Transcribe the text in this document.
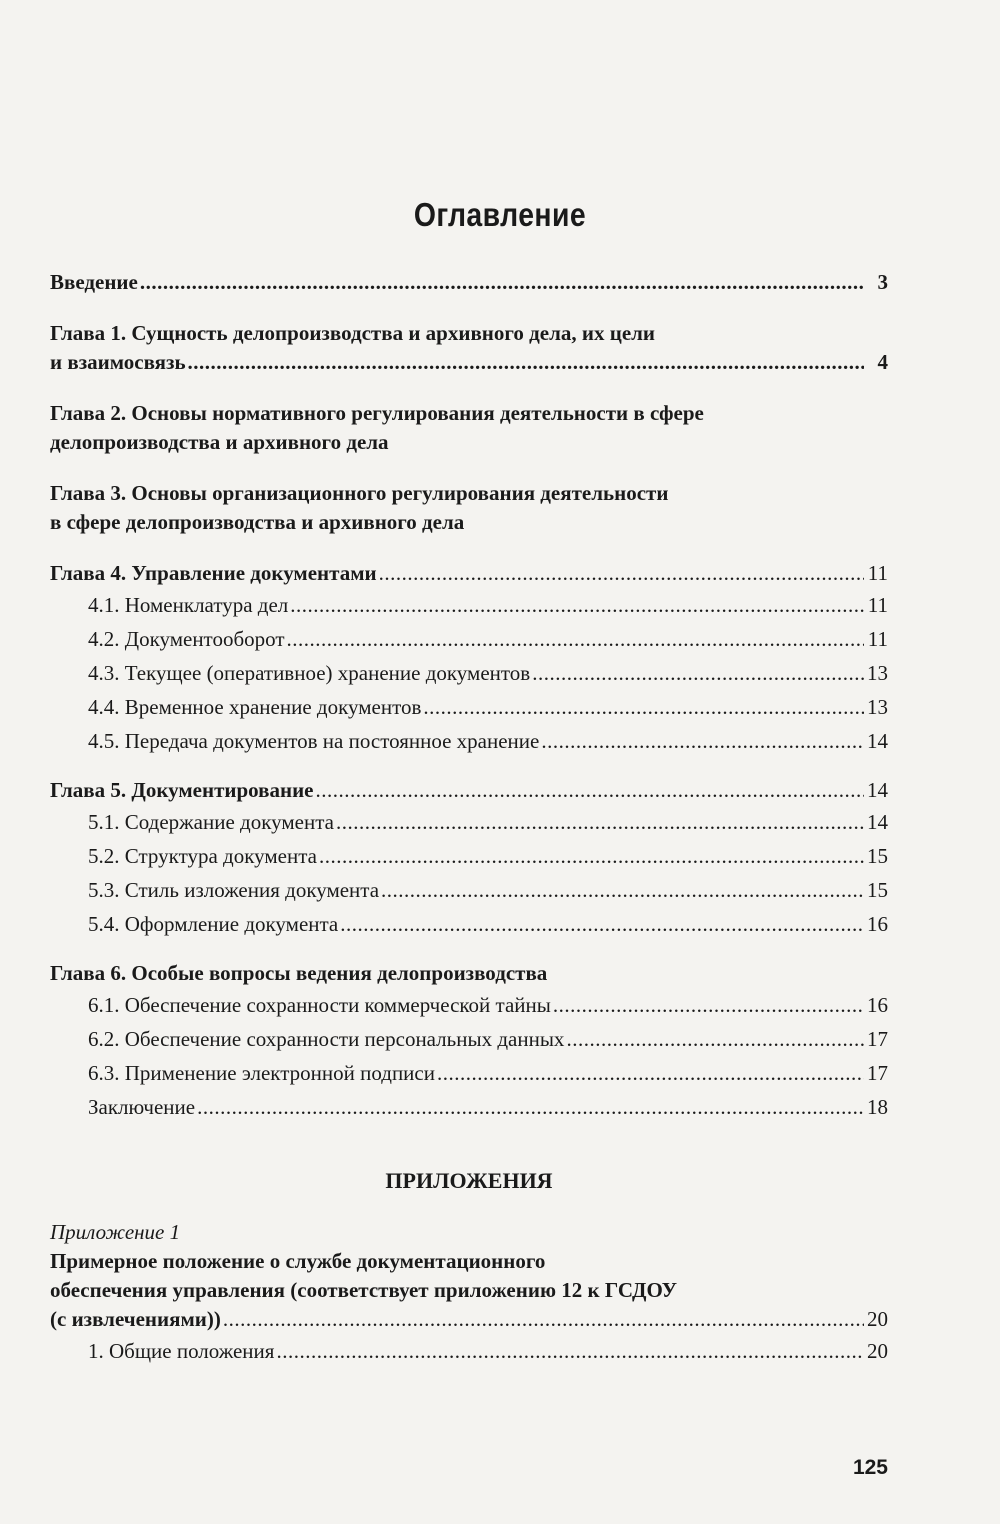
Оглавление
Введение .....	3
Глава 1. Сущность делопроизводства и архивного дела, их цели
и взаимосвязь .....	4
Глава 2. Основы нормативного регулирования деятельности в сфере
делопроизводства и архивного дела
Глава 3. Основы организационного регулирования деятельности
в сфере делопроизводства и архивного дела
Глава 4. Управление документами .....	11
4.1. Номенклатура дел .....	11
4.2. Документооборот .....	11
4.3. Текущее (оперативное) хранение документов .....	13
4.4. Временное хранение документов .....	13
4.5. Передача документов на постоянное хранение .....	14
Глава 5. Документирование .....	14
5.1. Содержание документа .....	14
5.2. Структура документа .....	15
5.3. Стиль изложения документа .....	15
5.4. Оформление документа .....	16
Глава 6. Особые вопросы ведения делопроизводства
6.1. Обеспечение сохранности коммерческой тайны .....	16
6.2. Обеспечение сохранности персональных данных .....	17
6.3. Применение электронной подписи .....	17
Заключение .....	18
ПРИЛОЖЕНИЯ
Приложение 1
Примерное положение о службе документационного
обеспечения управления (соответствует приложению 12 к ГСДОУ
(с извлечениями)) .....	20
1. Общие положения .....	20
125
